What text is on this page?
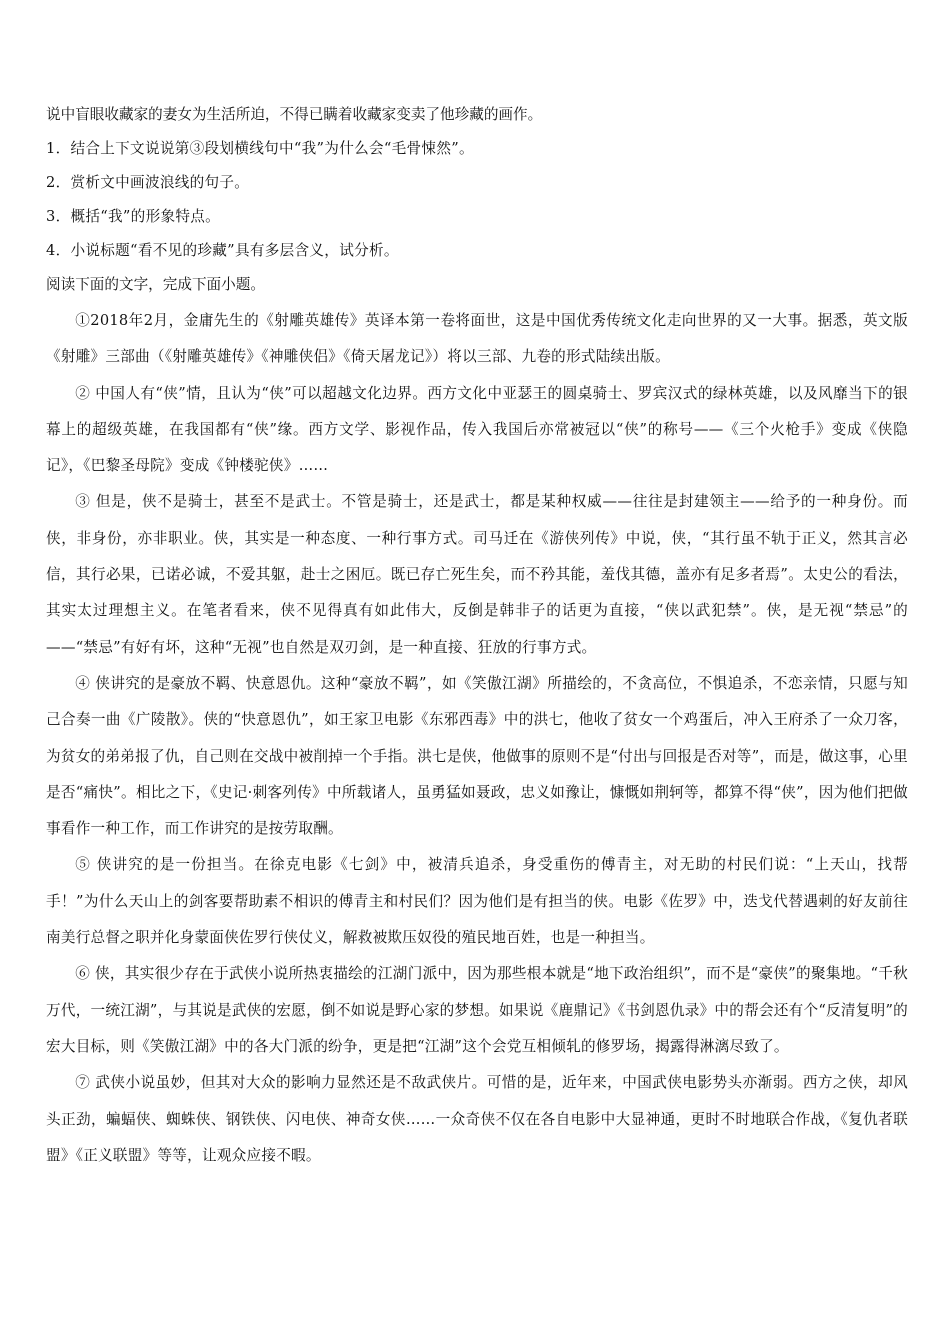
说中盲眼收藏家的妻女为生活所迫，不得已瞒着收藏家变卖了他珍藏的画作。

1．结合上下文说说第③段划横线句中“我”为什么会“毛骨悚然”。

2．赏析文中画波浪线的句子。

3．概括“我”的形象特点。

4．小说标题“看不见的珍藏”具有多层含义，试分析。

阅读下面的文字，完成下面小题。

①2018年2月，金庸先生的《射雕英雄传》英译本第一卷将面世，这是中国优秀传统文化走向世界的又一大事。据悉，英文版《射雕》三部曲（《射雕英雄传》《神雕侠侣》《倚天屠龙记》）将以三部、九卷的形式陆续出版。

② 中国人有“侠”情，且认为“侠”可以超越文化边界。西方文化中亚瑟王的圆桌骑士、罗宾汉式的绿林英雄，以及风靡当下的银幕上的超级英雄，在我国都有“侠”缘。西方文学、影视作品，传入我国后亦常被冠以“侠”的称号——《三个火枪手》变成《侠隐记》，《巴黎圣母院》变成《钟楼驼侠》……

③ 但是，侠不是骑士，甚至不是武士。不管是骑士，还是武士，都是某种权威——往往是封建领主——给予的一种身份。而侠，非身份，亦非职业。侠，其实是一种态度、一种行事方式。司马迁在《游侠列传》中说，侠，“其行虽不轨于正义，然其言必信，其行必果，已诺必诚，不爱其躯，赴士之困厄。既已存亡死生矣，而不矜其能，羞伐其德，盖亦有足多者焉”。太史公的看法，其实太过理想主义。在笔者看来，侠不见得真有如此伟大，反倒是韩非子的话更为直接，“侠以武犯禁”。侠，是无视“禁忌”的——“禁忌”有好有坏，这种“无视”也自然是双刃剑，是一种直接、狂放的行事方式。

④ 侠讲究的是豪放不羁、快意恩仇。这种“豪放不羁”，如《笑傲江湖》所描绘的，不贪高位，不惧追杀，不恋亲情，只愿与知己合奏一曲《广陵散》。侠的“快意恩仇”，如王家卫电影《东邪西毒》中的洪七，他收了贫女一个鸡蛋后，冲入王府杀了一众刀客，为贫女的弟弟报了仇，自己则在交战中被削掉一个手指。洪七是侠，他做事的原则不是“付出与回报是否对等”，而是，做这事，心里是否“痛快”。相比之下，《史记·刺客列传》中所载诸人，虽勇猛如聂政，忠义如豫让，慷慨如荆轲等，都算不得“侠”，因为他们把做事看作一种工作，而工作讲究的是按劳取酬。

⑤ 侠讲究的是一份担当。在徐克电影《七剑》中，被清兵追杀，身受重伤的傅青主，对无助的村民们说：“上天山，找帮手！”为什么天山上的剑客要帮助素不相识的傅青主和村民们？因为他们是有担当的侠。电影《佐罗》中，迭戈代替遇刺的好友前往南美行总督之职并化身蒙面侠佐罗行侠仗义，解救被欺压奴役的殖民地百姓，也是一种担当。

⑥ 侠，其实很少存在于武侠小说所热衷描绘的江湖门派中，因为那些根本就是“地下政治组织”，而不是“豪侠”的聚集地。“千秋万代，一统江湖”，与其说是武侠的宏愿，倒不如说是野心家的梦想。如果说《鹿鼎记》《书剑恩仇录》中的帮会还有个“反清复明”的宏大目标，则《笑傲江湖》中的各大门派的纷争，更是把“江湖”这个会党互相倾轧的修罗场，揭露得淋漓尽致了。

⑦ 武侠小说虽妙，但其对大众的影响力显然还是不敌武侠片。可惜的是，近年来，中国武侠电影势头亦渐弱。西方之侠，却风头正劲，蝙蝠侠、蜘蛛侠、钢铁侠、闪电侠、神奇女侠……一众奇侠不仅在各自电影中大显神通，更时不时地联合作战，《复仇者联盟》《正义联盟》等等，让观众应接不暇。
